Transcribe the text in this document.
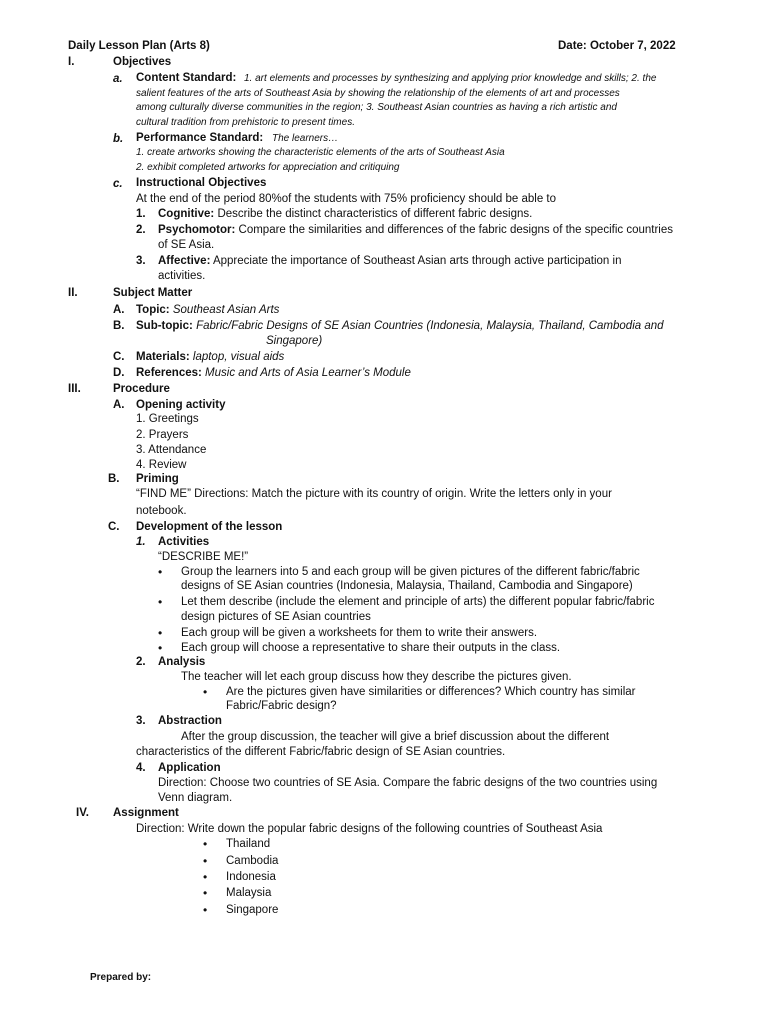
Daily Lesson Plan (Arts 8)	Date: October 7, 2022
I.	Objectives
a. Content Standard: 1. art elements and processes by synthesizing and applying prior knowledge and skills; 2. the
salient features of the arts of Southeast Asia by showing the relationship of the elements of art and processes
among culturally diverse communities in the region; 3. Southeast Asian countries as having a rich artistic and
cultural tradition from prehistoric to present times.
b. Performance Standard: The learners…
1. create artworks showing the characteristic elements of the arts of Southeast Asia
2. exhibit completed artworks for appreciation and critiquing
c. Instructional Objectives
At the end of the period 80%of the students with 75% proficiency should be able to
1. Cognitive: Describe the distinct characteristics of different fabric designs.
2. Psychomotor: Compare the similarities and differences of the fabric designs of the specific countries
of SE Asia.
3. Affective: Appreciate the importance of Southeast Asian arts through active participation in
activities.
II.	Subject Matter
A. Topic: Southeast Asian Arts
B. Sub-topic: Fabric/Fabric Designs of SE Asian Countries (Indonesia, Malaysia, Thailand, Cambodia and
Singapore)
C. Materials: laptop, visual aids
D. References: Music and Arts of Asia Learner’s Module
III.	Procedure
A. Opening activity
1. Greetings
2. Prayers
3. Attendance
4. Review
B. Priming
“FIND ME” Directions: Match the picture with its country of origin. Write the letters only in your
notebook.
C. Development of the lesson
1. Activities
“DESCRIBE ME!”
• Group the learners into 5 and each group will be given pictures of the different fabric/fabric
designs of SE Asian countries (Indonesia, Malaysia, Thailand, Cambodia and Singapore)
• Let them describe (include the element and principle of arts) the different popular fabric/fabric
design pictures of SE Asian countries
• Each group will be given a worksheets for them to write their answers.
• Each group will choose a representative to share their outputs in the class.
2. Analysis
The teacher will let each group discuss how they describe the pictures given.
• Are the pictures given have similarities or differences? Which country has similar
Fabric/Fabric design?
3. Abstraction
After the group discussion, the teacher will give a brief discussion about the different
characteristics of the different Fabric/fabric design of SE Asian countries.
4. Application
Direction: Choose two countries of SE Asia. Compare the fabric designs of the two countries using
Venn diagram.
IV. Assignment
Direction: Write down the popular fabric designs of the following countries of Southeast Asia
• Thailand
• Cambodia
• Indonesia
• Malaysia
• Singapore
Prepared by:
